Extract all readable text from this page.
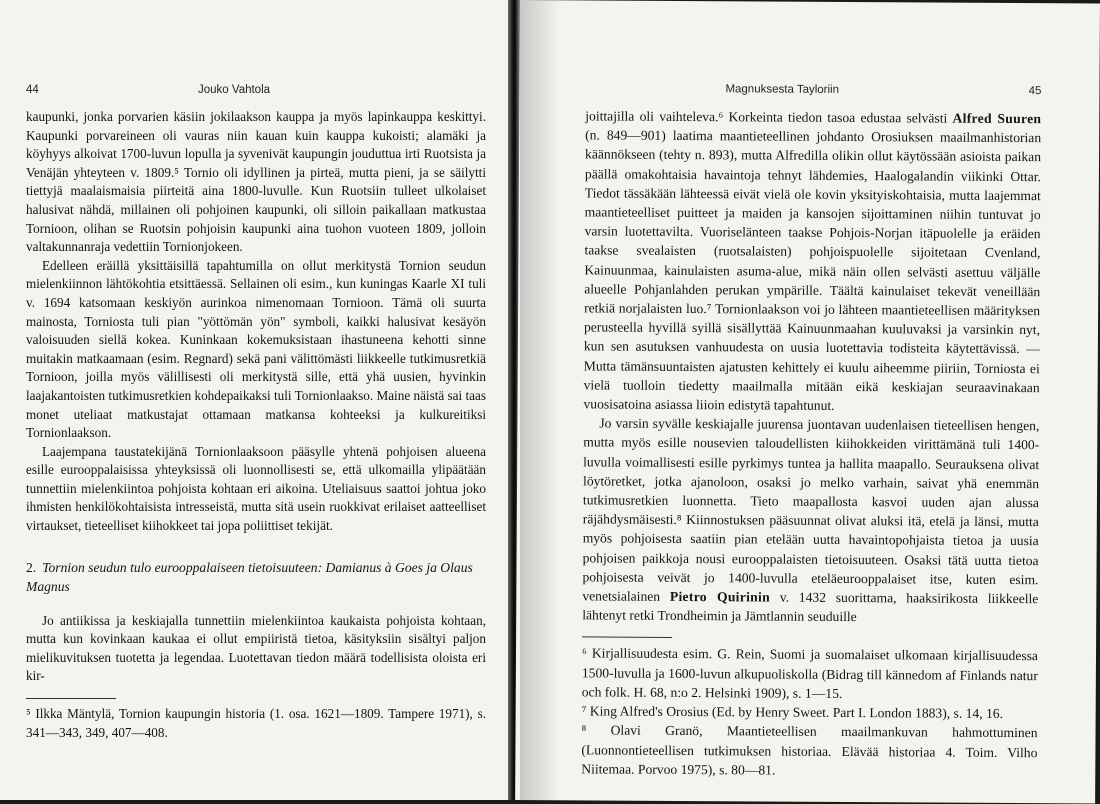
44	Jouko Vahtola

kaupunki, jonka porvarien käsiin jokilaakson kauppa ja myös lapinkauppa keskittyi. Kaupunki porvareineen oli vauras niin kauan kuin kauppa kukoisti; alamäki ja köyhyys alkoivat 1700-luvun lopulla ja syvenivät kaupungin jouduttua irti Ruotsista ja Venäjän yhteyteen v. 1809.⁵ Tornio oli idyllinen ja pirteä, mutta pieni, ja se säilytti tiettyjä maalaismaisia piirteitä aina 1800-luvulle. Kun Ruotsiin tulleet ulkolaiset halusivat nähdä, millainen oli pohjoinen kaupunki, oli silloin paikallaan matkustaa Tornioon, olihan se Ruotsin pohjoisin kaupunki aina tuohon vuoteen 1809, jolloin valtakunnanraja vedettiin Tornionjokeen.

Edelleen eräillä yksittäisillä tapahtumilla on ollut merkitystä Tornion seudun mielenkiinnon lähtökohtia etsittäessä. Sellainen oli esim., kun kuningas Kaarle XI tuli v. 1694 katsomaan keskiyön aurinkoa nimenomaan Tornioon. Tämä oli suurta mainosta, Torniosta tuli pian "yöttömän yön" symboli, kaikki halusivat kesäyön valoisuuden siellä kokea. Kuninkaan kokemuksistaan ihastuneena kehotti sinne muitakin matkaamaan (esim. Regnard) sekä pani välittömästi liikkeelle tutkimusretkiä Tornioon, joilla myös välillisesti oli merkitystä sille, että yhä uusien, hyvinkin laajakantoisten tutkimusretkien kohdepaikaksi tuli Tornionlaakso. Maine näistä sai taas monet uteliaat matkustajat ottamaan matkansa kohteeksi ja kulkureitiksi Tornionlaakson.

Laajempana taustatekijänä Tornionlaaksoon pääsylle yhtenä pohjoisen alueena esille eurooppalaisissa yhteyksissä oli luonnollisesti se, että ulkomailla ylipäätään tunnettiin mielenkiintoa pohjoista kohtaan eri aikoina. Uteliaisuus saattoi johtua joko ihmisten henkilökohtaisista intresseistä, mutta sitä usein ruokkivat erilaiset aatteelliset virtaukset, tieteelliset kiihokkeet tai jopa poliittiset tekijät.

2. Tornion seudun tulo eurooppalaiseen tietoisuuteen: Damianus à Goes ja Olaus Magnus

Jo antiikissa ja keskiajalla tunnettiin mielenkiintoa kaukaista pohjoista kohtaan, mutta kun kovinkaan kaukaa ei ollut empiiristä tietoa, käsityksiin sisältyi paljon mielikuvituksen tuotetta ja legendaa. Luotettavan tiedon määrä todellisista oloista eri kir-

⁵ Ilkka Mäntylä, Tornion kaupungin historia (1. osa. 1621—1809. Tampere 1971), s. 341—343, 349, 407—408.

Magnuksesta Tayloriin	45

joittajilla oli vaihteleva.⁶ Korkeinta tiedon tasoa edustaa selvästi Alfred Suuren (n. 849—901) laatima maantieteellinen johdanto Orosiuksen maailmanhistorian käännökseen (tehty n. 893), mutta Alfredilla olikin ollut käytössään asioista paikan päällä omakohtaisia havaintoja tehnyt lähdemies, Haalogalandin viikinki Ottar. Tiedot tässäkään lähteessä eivät vielä ole kovin yksityiskohtaisia, mutta laajemmat maantieteelliset puitteet ja maiden ja kansojen sijoittaminen niihin tuntuvat jo varsin luotettavilta. Vuoriselänteen taakse Pohjois-Norjan itäpuolelle ja eräiden taakse svealaisten (ruotsalaisten) pohjoispuolelle sijoitetaan Cvenland, Kainuunmaa, kainulaisten asuma-alue, mikä näin ollen selvästi asettuu väljälle alueelle Pohjanlahden perukan ympärille. Täältä kainulaiset tekevät veneillään retkiä norjalaisten luo.⁷ Tornionlaakson voi jo lähteen maantieteellisen määrityksen perusteella hyvillä syillä sisällyttää Kainuunmaahan kuuluvaksi ja varsinkin nyt, kun sen asutuksen vanhuudesta on uusia luotettavia todisteita käytettävissä. — Mutta tämänsuuntaisten ajatusten kehittely ei kuulu aiheemme piiriin, Torniosta ei vielä tuolloin tiedetty maailmalla mitään eikä keskiajan seuraavinakaan vuosisatoina asiassa liioin edistytä tapahtunut.

Jo varsin syvälle keskiajalle juurensa juontavan uudenlaisen tieteellisen hengen, mutta myös esille nousevien taloudellisten kiihokkeiden virittämänä tuli 1400-luvulla voimallisesti esille pyrkimys tuntea ja hallita maapallo. Seurauksena olivat löytöretket, jotka ajanoloon, osaksi jo melko varhain, saivat yhä enemmän tutkimusretkien luonnetta. Tieto maapallosta kasvoi uuden ajan alussa räjähdysmäisesti.⁸ Kiinnostuksen pääsuunnat olivat aluksi itä, etelä ja länsi, mutta myös pohjoisesta saatiin pian etelään uutta havaintopohjaista tietoa ja uusia pohjoisen paikkoja nousi eurooppalaisten tietoisuuteen. Osaksi tätä uutta tietoa pohjoisesta veivät jo 1400-luvulla eteläeurooppalaiset itse, kuten esim. venetsialainen Pietro Quirinin v. 1432 suorittama, haaksirikosta liikkeelle lähtenyt retki Trondheimin ja Jämtlannin seuduille

⁶ Kirjallisuudesta esim. G. Rein, Suomi ja suomalaiset ulkomaan kirjallisuudessa 1500-luvulla ja 1600-luvun alkupuoliskolla (Bidrag till kännedom af Finlands natur och folk. H. 68, n:o 2. Helsinki 1909), s. 1—15.

⁷ King Alfred's Orosius (Ed. by Henry Sweet. Part I. London 1883), s. 14, 16.

⁸ Olavi Granö, Maantieteellisen maailmankuvan hahmottuminen (Luonnontieteellisen tutkimuksen historiaa. Elävää historiaa 4. Toim. Vilho Niitemaa. Porvoo 1975), s. 80—81.
